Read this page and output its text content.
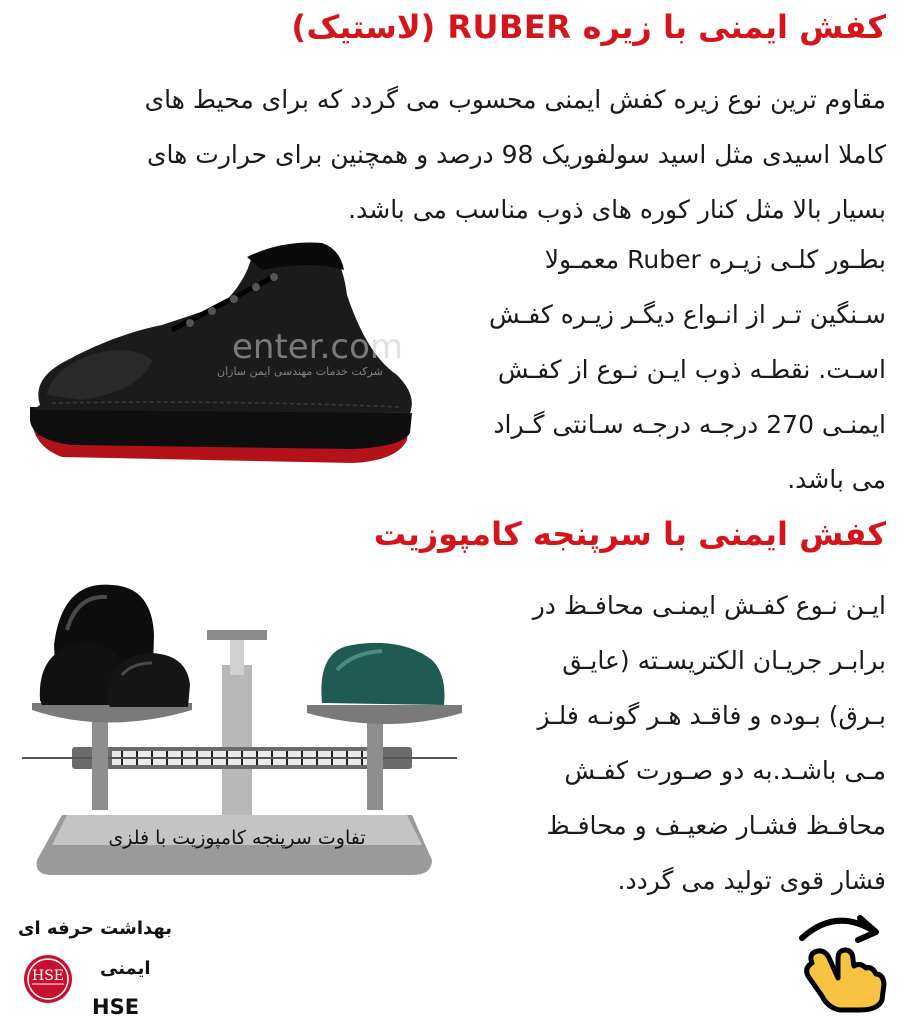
کفش ایمنی با زیره RUBER (لاستیک)
مقاوم ترین نوع زیره کفش ایمنی محسوب می گردد که برای محیط های
کاملا اسیدی مثل اسید سولفوریک 98 درصد و همچنین برای حرارت های
بسیار بالا مثل کنار کوره های ذوب مناسب می باشد.
enter.com
شرکت خدمات مهندسی ایمن سازان
بطـور کلـی زیـره Ruber معمـولا
سـنگین تـر از انـواع دیگـر زیـره کفـش
اسـت. نقطـه ذوب ایـن نـوع از کفـش
ایمنـی 270 درجـه درجـه سـانتی گـراد
می باشد.
کفش ایمنی با سرپنجه کامپوزیت
تفاوت سرپنجه کامپوزیت با فلزی
ایـن نـوع کفـش ایمنـی محافـظ در
برابـر جریـان الکتریسـته (عایـق
بـرق) بـوده و فاقـد هـر گونـه فلـز
مـی باشـد.به دو صـورت کفـش
محافـظ فشـار ضعیـف و محافـظ
فشار قوی تولید می گردد.
بهداشت حرفه ای
ایمنی
HSE
HSE
